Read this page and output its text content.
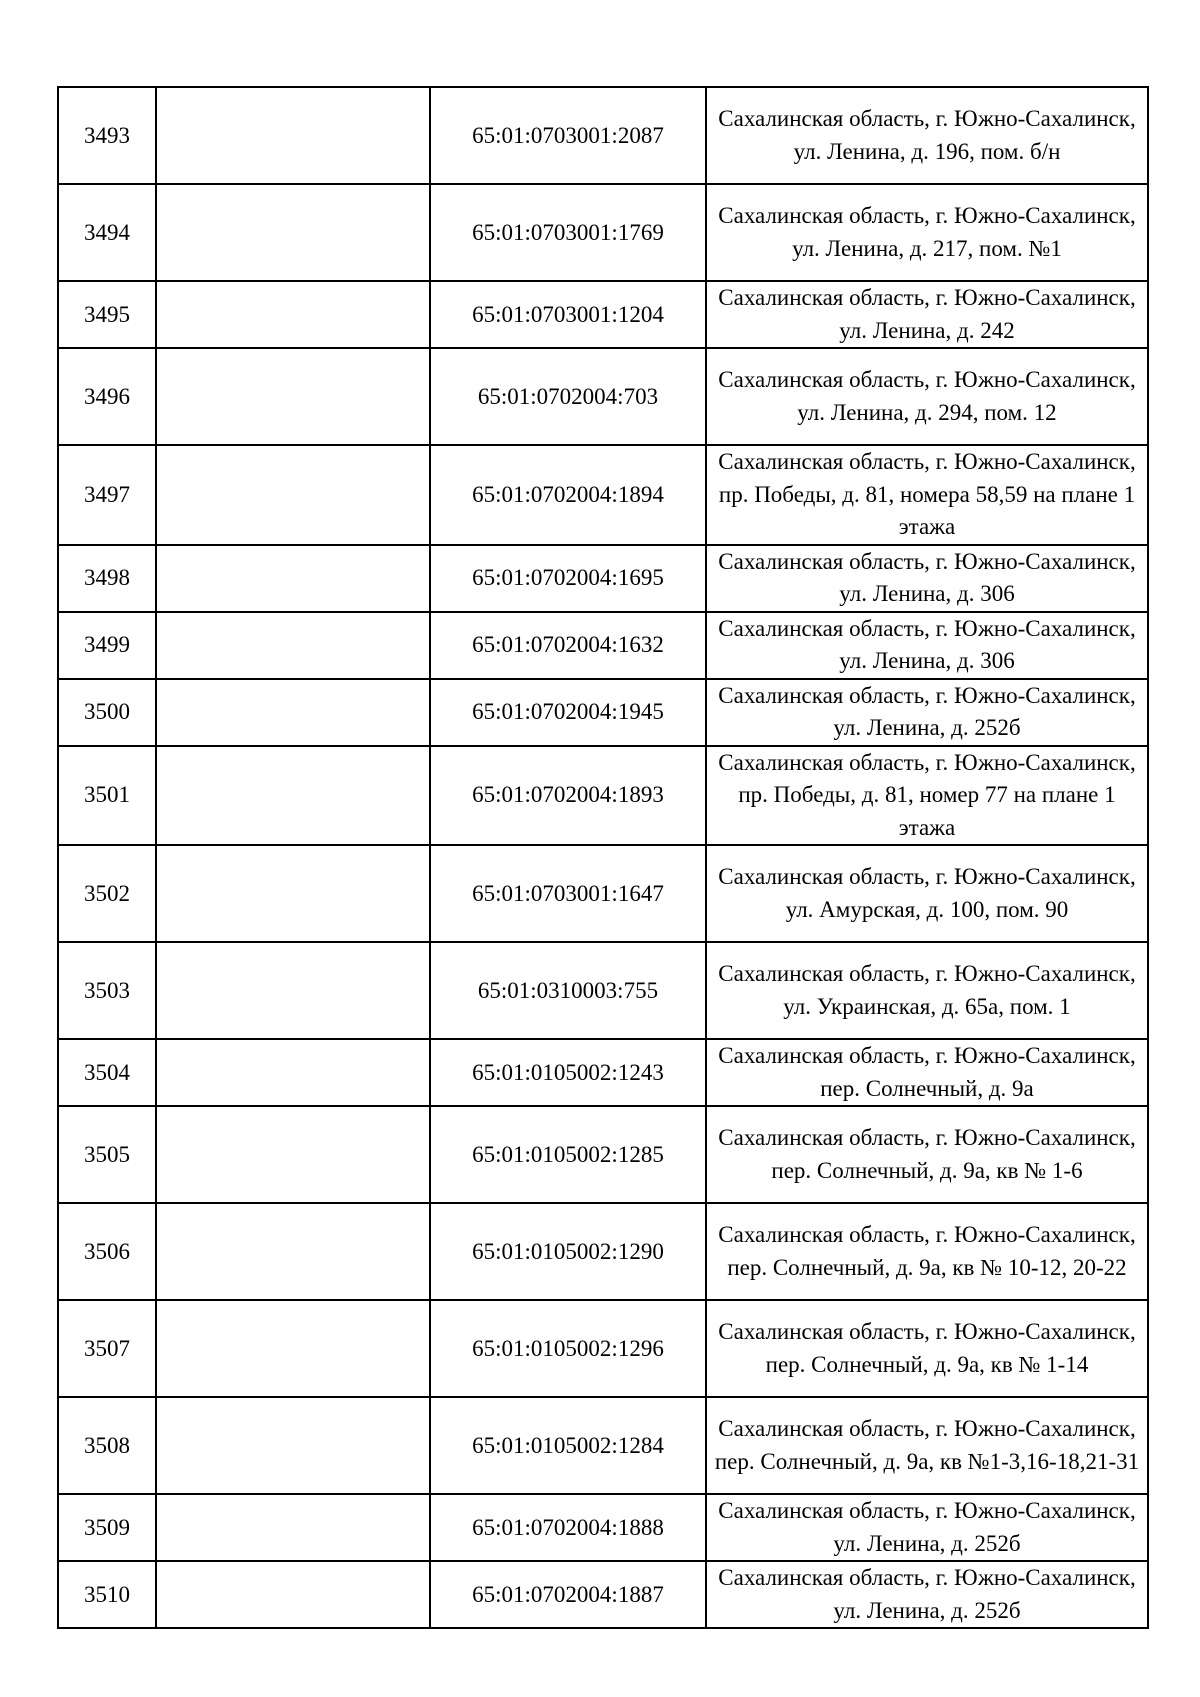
3493		65:01:0703001:2087	Сахалинская область, г. Южно-Сахалинск, ул. Ленина, д. 196, пом. б/н
3494		65:01:0703001:1769	Сахалинская область, г. Южно-Сахалинск, ул. Ленина, д. 217, пом. №1
3495		65:01:0703001:1204	Сахалинская область, г. Южно-Сахалинск, ул. Ленина, д. 242
3496		65:01:0702004:703	Сахалинская область, г. Южно-Сахалинск, ул. Ленина, д. 294, пом. 12
3497		65:01:0702004:1894	Сахалинская область, г. Южно-Сахалинск, пр. Победы, д. 81, номера 58,59 на плане 1 этажа
3498		65:01:0702004:1695	Сахалинская область, г. Южно-Сахалинск, ул. Ленина, д. 306
3499		65:01:0702004:1632	Сахалинская область, г. Южно-Сахалинск, ул. Ленина, д. 306
3500		65:01:0702004:1945	Сахалинская область, г. Южно-Сахалинск, ул. Ленина, д. 252б
3501		65:01:0702004:1893	Сахалинская область, г. Южно-Сахалинск, пр. Победы, д. 81, номер 77 на плане 1 этажа
3502		65:01:0703001:1647	Сахалинская область, г. Южно-Сахалинск, ул. Амурская, д. 100, пом. 90
3503		65:01:0310003:755	Сахалинская область, г. Южно-Сахалинск, ул. Украинская, д. 65а, пом. 1
3504		65:01:0105002:1243	Сахалинская область, г. Южно-Сахалинск, пер. Солнечный, д. 9а
3505		65:01:0105002:1285	Сахалинская область, г. Южно-Сахалинск, пер. Солнечный, д. 9а, кв № 1-6
3506		65:01:0105002:1290	Сахалинская область, г. Южно-Сахалинск, пер. Солнечный, д. 9а, кв № 10-12, 20-22
3507		65:01:0105002:1296	Сахалинская область, г. Южно-Сахалинск, пер. Солнечный, д. 9а, кв № 1-14
3508		65:01:0105002:1284	Сахалинская область, г. Южно-Сахалинск, пер. Солнечный, д. 9а, кв №1-3,16-18,21-31
3509		65:01:0702004:1888	Сахалинская область, г. Южно-Сахалинск, ул. Ленина, д. 252б
3510		65:01:0702004:1887	Сахалинская область, г. Южно-Сахалинск, ул. Ленина, д. 252б
